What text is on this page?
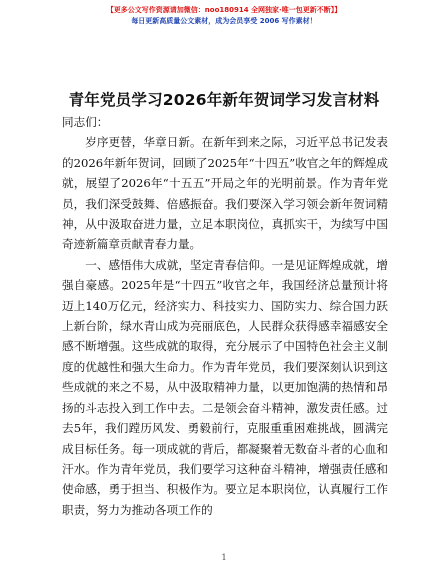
【更多公文写作资源请加微信：noo180914 全网独家∙唯一包更新不断】】
每日更新高质量公文素材，成为会员享受 2006 写作素材！
青年党员学习2026年新年贺词学习发言材料

同志们：

岁序更替，华章日新。在新年到来之际，习近平总书记发表的2026年新年贺词，回顾了2025年“十四五”收官之年的辉煌成就，展望了2026年“十五五”开局之年的光明前景。作为青年党员，我们深受鼓舞、倍感振奋。我们要深入学习领会新年贺词精神，从中汲取奋进力量，立足本职岗位，真抓实干，为续写中国奇迹新篇章贡献青春力量。

一、感悟伟大成就，坚定青春信仰。一是见证辉煌成就，增强自豪感。2025年是“十四五”收官之年，我国经济总量预计将迈上140万亿元，经济实力、科技实力、国防实力、综合国力跃上新台阶，绿水青山成为亮丽底色，人民群众获得感幸福感安全感不断增强。这些成就的取得，充分展示了中国特色社会主义制度的优越性和强大生命力。作为青年党员，我们要深刻认识到这些成就的来之不易，从中汲取精神力量，以更加饱满的热情和昂扬的斗志投入到工作中去。二是领会奋斗精神，激发责任感。过去5年，我们蹚历风发、勇毅前行，克服重重困难挑战，圆满完成目标任务。每一项成就的背后，都凝聚着无数奋斗者的心血和汗水。作为青年党员，我们要学习这种奋斗精神，增强责任感和使命感，勇于担当、积极作为。要立足本职岗位，认真履行工作职责，努力为推动各项工作的

1
